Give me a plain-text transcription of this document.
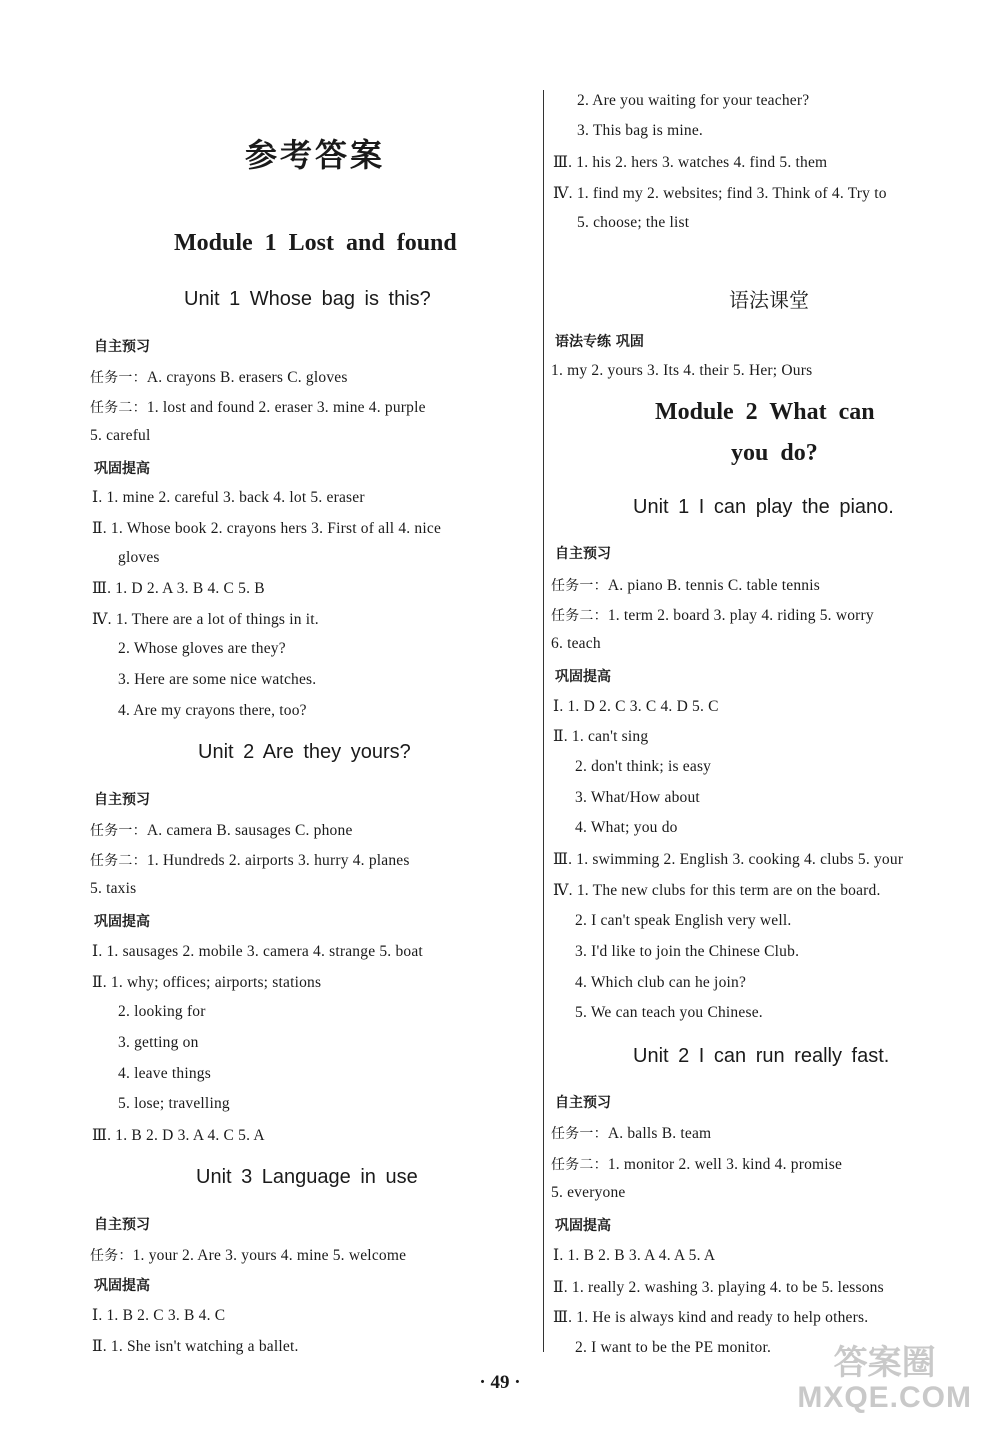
参考答案
Module 1 Lost and found
Unit 1 Whose bag is this?
自主预习
任务一：A. crayons B. erasers C. gloves
任务二：1. lost and found 2. eraser 3. mine 4. purple
5. careful
巩固提高
Ⅰ. 1. mine 2. careful 3. back 4. lot 5. eraser
Ⅱ. 1. Whose book 2. crayons hers 3. First of all 4. nice
gloves
Ⅲ. 1. D 2. A 3. B 4. C 5. B
Ⅳ. 1. There are a lot of things in it.
2. Whose gloves are they?
3. Here are some nice watches.
4. Are my crayons there, too?
Unit 2 Are they yours?
自主预习
任务一：A. camera B. sausages C. phone
任务二：1. Hundreds 2. airports 3. hurry 4. planes
5. taxis
巩固提高
Ⅰ. 1. sausages 2. mobile 3. camera 4. strange 5. boat
Ⅱ. 1. why; offices; airports; stations
2. looking for
3. getting on
4. leave things
5. lose; travelling
Ⅲ. 1. B 2. D 3. A 4. C 5. A
Unit 3 Language in use
自主预习
任务：1. your 2. Are 3. yours 4. mine 5. welcome
巩固提高
Ⅰ. 1. B 2. C 3. B 4. C
Ⅱ. 1. She isn't watching a ballet.
2. Are you waiting for your teacher?
3. This bag is mine.
Ⅲ. 1. his 2. hers 3. watches 4. find 5. them
Ⅳ. 1. find my 2. websites; find 3. Think of 4. Try to
5. choose; the list
语法课堂
语法专练 巩固
1. my 2. yours 3. Its 4. their 5. Her; Ours
Module 2 What can
you do?
Unit 1 I can play the piano.
自主预习
任务一：A. piano B. tennis C. table tennis
任务二：1. term 2. board 3. play 4. riding 5. worry
6. teach
巩固提高
Ⅰ. 1. D 2. C 3. C 4. D 5. C
Ⅱ. 1. can't sing
2. don't think; is easy
3. What/How about
4. What; you do
Ⅲ. 1. swimming 2. English 3. cooking 4. clubs 5. your
Ⅳ. 1. The new clubs for this term are on the board.
2. I can't speak English very well.
3. I'd like to join the Chinese Club.
4. Which club can he join?
5. We can teach you Chinese.
Unit 2 I can run really fast.
自主预习
任务一：A. balls B. team
任务二：1. monitor 2. well 3. kind 4. promise
5. everyone
巩固提高
Ⅰ. 1. B 2. B 3. A 4. A 5. A
Ⅱ. 1. really 2. washing 3. playing 4. to be 5. lessons
Ⅲ. 1. He is always kind and ready to help others.
2. I want to be the PE monitor.
· 49 ·	答案圈
MXQE.COM
